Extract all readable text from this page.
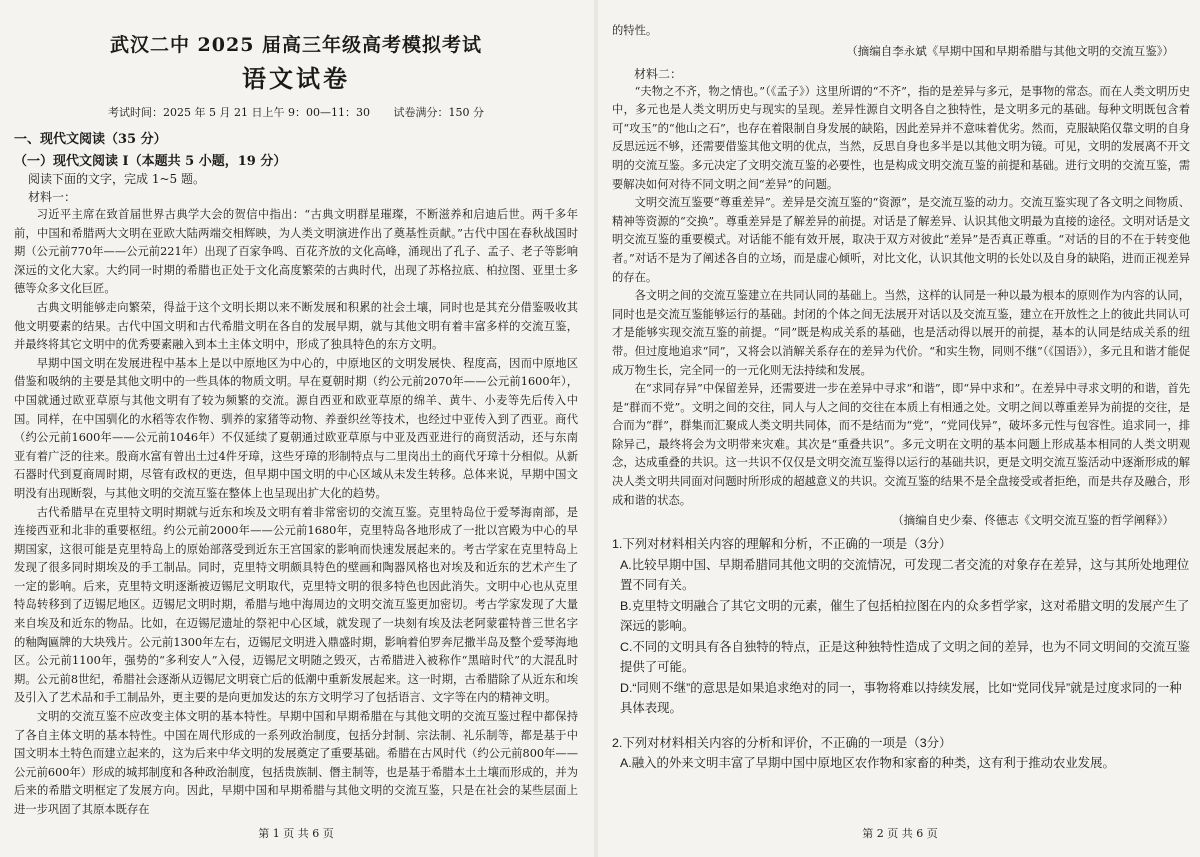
武汉二中 2025 届高三年级高考模拟考试
语文试卷
考试时间：2025 年 5 月 21 日上午 9：00—11：30 试卷满分：150 分
一、现代文阅读（35 分）
（一）现代文阅读 I（本题共 5 小题，19 分）
阅读下面的文字，完成 1~5 题。
材料一：

习近平主席在致首届世界古典学大会的贺信中指出：“古典文明群星璀璨，不断滋养和启迪后世。两千多年前，中国和希腊两大文明在亚欧大陆两端交相辉映，为人类文明演进作出了奠基性贡献。”古代中国在春秋战国时期（公元前770年——公元前221年）出现了百家争鸣、百花齐放的文化高峰，涌现出了孔子、孟子、老子等影响深远的文化大家。大约同一时期的希腊也正处于文化高度繁荣的古典时代，出现了苏格拉底、柏拉图、亚里士多德等众多文化巨匠。

古典文明能够走向繁荣，得益于这个文明长期以来不断发展和积累的社会土壤，同时也是其充分借鉴吸收其他文明要素的结果。古代中国文明和古代希腊文明在各自的发展早期，就与其他文明有着丰富多样的交流互鉴，并最终将其它文明中的优秀要素融入到本土主体文明中，形成了独具特色的东方文明。

早期中国文明在发展进程中基本上是以中原地区为中心的，中原地区的文明发展快、程度高，因而中原地区借鉴和吸纳的主要是其他文明中的一些具体的物质文明。早在夏朝时期（约公元前2070年——公元前1600年），中国就通过欧亚草原与其他文明有了较为频繁的交流。源自西亚和欧亚草原的绵羊、黄牛、小麦等先后传入中国。同样，在中国驯化的水稻等农作物、驯养的家猪等动物、养蚕织丝等技术，也经过中亚传入到了西亚。商代（约公元前1600年——公元前1046年）不仅延续了夏朝通过欧亚草原与中亚及西亚进行的商贸活动，还与东南亚有着广泛的往来。殷商水富有曾出土过4件牙璋，这些牙璋的形制特点与二里岗出土的商代牙璋十分相似。从新石器时代到夏商周时期，尽管有政权的更迭，但早期中国文明的中心区域从未发生转移。总体来说，早期中国文明没有出现断裂，与其他文明的交流互鉴在整体上也呈现出扩大化的趋势。

古代希腊早在克里特文明时期就与近东和埃及文明有着非常密切的交流互鉴。克里特岛位于爱琴海南部，是连接西亚和北非的重要枢纽。约公元前2000年——公元前1680年，克里特岛各地形成了一批以宫殿为中心的早期国家，这很可能是克里特岛上的原始部落受到近东王宫国家的影响而快速发展起来的。考古学家在克里特岛上发现了很多同时期埃及的手工制品。同时，克里特文明颇具特色的壁画和陶器风格也对埃及和近东的艺术产生了一定的影响。后来，克里特文明逐渐被迈锡尼文明取代，克里特文明的很多特色也因此消失。文明中心也从克里特岛转移到了迈锡尼地区。迈锡尼文明时期，希腊与地中海周边的文明交流互鉴更加密切。考古学家发现了大量来自埃及和近东的物品。比如，在迈锡尼遗址的祭祀中心区域，就发现了一块刻有埃及法老阿蒙霍特普三世名字的釉陶匾牌的大块残片。公元前1300年左右，迈锡尼文明进入鼎盛时期，影响着伯罗奔尼撒半岛及整个爱琴海地区。公元前1100年，强势的“多利安人”入侵，迈锡尼文明随之毁灭，古希腊进入被称作“黑暗时代”的大混乱时期。公元前8世纪，希腊社会逐渐从迈锡尼文明衰亡后的低潮中重新发展起来。这一时期，古希腊除了从近东和埃及引入了艺术品和手工制品外，更主要的是向更加发达的东方文明学习了包括语言、文字等在内的精神文明。

文明的交流互鉴不应改变主体文明的基本特性。早期中国和早期希腊在与其他文明的交流互鉴过程中都保持了各自主体文明的基本特性。中国在周代形成的一系列政治制度，包括分封制、宗法制、礼乐制等，都是基于中国文明本土特色而建立起来的，这为后来中华文明的发展奠定了重要基础。希腊在古风时代（约公元前800年——公元前600年）形成的城邦制度和各种政治制度，包括贵族制、僭主制等，也是基于希腊本土土壤而形成的，并为后来的希腊文明框定了发展方向。因此，早期中国和早期希腊与其他文明的交流互鉴，只是在社会的某些层面上进一步巩固了其原本既存在

第 1 页 共 6 页

的特性。

（摘编自李永斌《早期中国和早期希腊与其他文明的交流互鉴》）
材料二：

“夫物之不齐，物之情也。”（《孟子》）这里所谓的“不齐”，指的是差异与多元，是事物的常态。而在人类文明历史中，多元也是人类文明历史与现实的呈现。差异性源自文明各自之独特性，是文明多元的基础。每种文明既包含着可“攻玉”的“他山之石”，也存在着限制自身发展的缺陷，因此差异并不意味着优劣。然而，克服缺陷仅靠文明的自身反思远远不够，还需要借鉴其他文明的优点，当然，反思自身也多半是以其他文明为镜。可见，文明的发展离不开文明的交流互鉴。多元决定了文明交流互鉴的必要性，也是构成文明交流互鉴的前提和基础。进行文明的交流互鉴，需要解决如何对待不同文明之间“差异”的问题。

文明交流互鉴要“尊重差异”。差异是交流互鉴的“资源”，是交流互鉴的动力。交流互鉴实现了各文明之间物质、精神等资源的“交换”。尊重差异是了解差异的前提。对话是了解差异、认识其他文明最为直接的途径。文明对话是文明交流互鉴的重要模式。对话能不能有效开展，取决于双方对彼此“差异”是否真正尊重。“对话的目的不在于转变他者。”对话不是为了阐述各自的立场，而是虚心倾听，对比文化，认识其他文明的长处以及自身的缺陷，进而正视差异的存在。

各文明之间的交流互鉴建立在共同认同的基础上。当然，这样的认同是一种以最为根本的原则作为内容的认同，同时也是交流互鉴能够运行的基础。封闭的个体之间无法展开对话以及交流互鉴，建立在开放性之上的彼此共同认可才是能够实现交流互鉴的前提。“同”既是构成关系的基础，也是活动得以展开的前提，基本的认同是结成关系的纽带。但过度地追求“同”，又将会以消解关系存在的差异为代价。“和实生物，同则不继”（《国语》），多元且和谐才能促成万物生长，完全同一的一元化则无法持续和发展。

在“求同存异”中保留差异，还需要进一步在差异中寻求“和谐”，即“异中求和”。在差异中寻求文明的和谐，首先是“群而不党”。文明之间的交往，同人与人之间的交往在本质上有相通之处。文明之间以尊重差异为前提的交往，是合而为“群”，群集而汇聚成人类文明共同体，而不是结而为“党”，“党同伐异”，破坏多元性与包容性。追求同一，排除异己，最终将会为文明带来灾难。其次是“重叠共识”。多元文明在文明的基本问题上形成基本相同的人类文明观念，达成重叠的共识。这一共识不仅仅是文明交流互鉴得以运行的基础共识，更是文明交流互鉴活动中逐渐形成的解决人类文明共同面对问题时所形成的超越意义的共识。交流互鉴的结果不是全盘接受或者拒绝，而是共存及融合，形成和谐的状态。

（摘编自史少秦、佟德志《文明交流互鉴的哲学阐释》）

1.下列对材料相关内容的理解和分析，不正确的一项是（3分）

A.比较早期中国、早期希腊同其他文明的交流情况，可发现二者交流的对象存在差异，这与其所处地理位置不同有关。

B.克里特文明融合了其它文明的元素，催生了包括柏拉图在内的众多哲学家，这对希腊文明的发展产生了深远的影响。

C.不同的文明具有各自独特的特点，正是这种独特性造成了文明之间的差异，也为不同文明间的交流互鉴提供了可能。

D.“同则不继”的意思是如果追求绝对的同一，事物将难以持续发展，比如“党同伐异”就是过度求同的一种具体表现。

2.下列对材料相关内容的分析和评价，不正确的一项是（3分）

A.融入的外来文明丰富了早期中国中原地区农作物和家畜的种类，这有利于推动农业发展。

第 2 页 共 6 页
